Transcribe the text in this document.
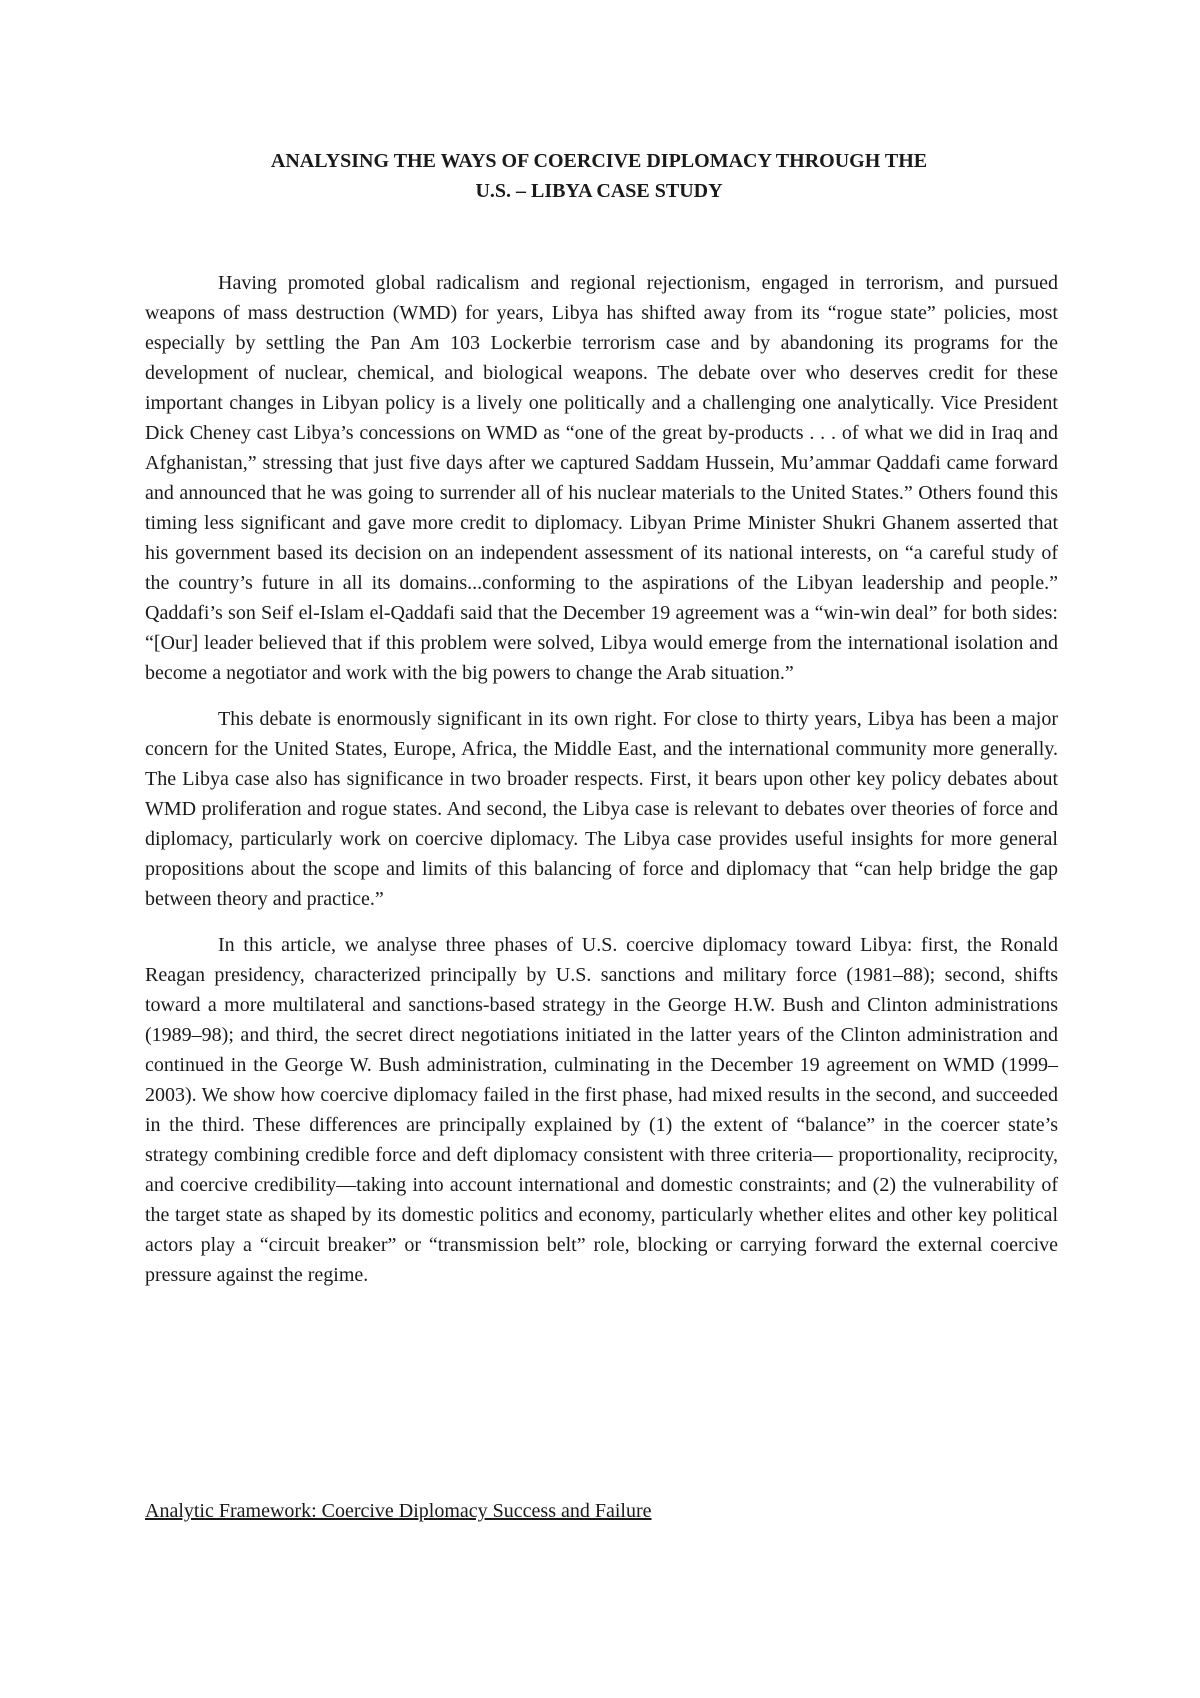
ANALYSING THE WAYS OF COERCIVE DIPLOMACY THROUGH THE
U.S. – LIBYA CASE STUDY

Having promoted global radicalism and regional rejectionism, engaged in terrorism, and pursued weapons of mass destruction (WMD) for years, Libya has shifted away from its “rogue state” policies, most especially by settling the Pan Am 103 Lockerbie terrorism case and by abandoning its programs for the development of nuclear, chemical, and biological weapons. The debate over who deserves credit for these important changes in Libyan policy is a lively one politically and a challenging one analytically. Vice President Dick Cheney cast Libya’s concessions on WMD as “one of the great by-products . . . of what we did in Iraq and Afghanistan,” stressing that just five days after we captured Saddam Hussein, Mu’ammar Qaddafi came forward and announced that he was going to surrender all of his nuclear materials to the United States.” Others found this timing less significant and gave more credit to diplomacy. Libyan Prime Minister Shukri Ghanem asserted that his government based its decision on an independent assessment of its national interests, on “a careful study of the country’s future in all its domains...conforming to the aspirations of the Libyan leadership and people.” Qaddafi’s son Seif el-Islam el-Qaddafi said that the December 19 agreement was a “win-win deal” for both sides: “[Our] leader believed that if this problem were solved, Libya would emerge from the international isolation and become a negotiator and work with the big powers to change the Arab situation.”

This debate is enormously significant in its own right. For close to thirty years, Libya has been a major concern for the United States, Europe, Africa, the Middle East, and the international community more generally. The Libya case also has significance in two broader respects. First, it bears upon other key policy debates about WMD proliferation and rogue states. And second, the Libya case is relevant to debates over theories of force and diplomacy, particularly work on coercive diplomacy. The Libya case provides useful insights for more general propositions about the scope and limits of this balancing of force and diplomacy that “can help bridge the gap between theory and practice.”

In this article, we analyse three phases of U.S. coercive diplomacy toward Libya: first, the Ronald Reagan presidency, characterized principally by U.S. sanctions and military force (1981–88); second, shifts toward a more multilateral and sanctions-based strategy in the George H.W. Bush and Clinton administrations (1989–98); and third, the secret direct negotiations initiated in the latter years of the Clinton administration and continued in the George W. Bush administration, culminating in the December 19 agreement on WMD (1999–2003). We show how coercive diplomacy failed in the first phase, had mixed results in the second, and succeeded in the third. These differences are principally explained by (1) the extent of “balance” in the coercer state’s strategy combining credible force and deft diplomacy consistent with three criteria— proportionality, reciprocity, and coercive credibility—taking into account international and domestic constraints; and (2) the vulnerability of the target state as shaped by its domestic politics and economy, particularly whether elites and other key political actors play a “circuit breaker” or “transmission belt” role, blocking or carrying forward the external coercive pressure against the regime.

Analytic Framework: Coercive Diplomacy Success and Failure
